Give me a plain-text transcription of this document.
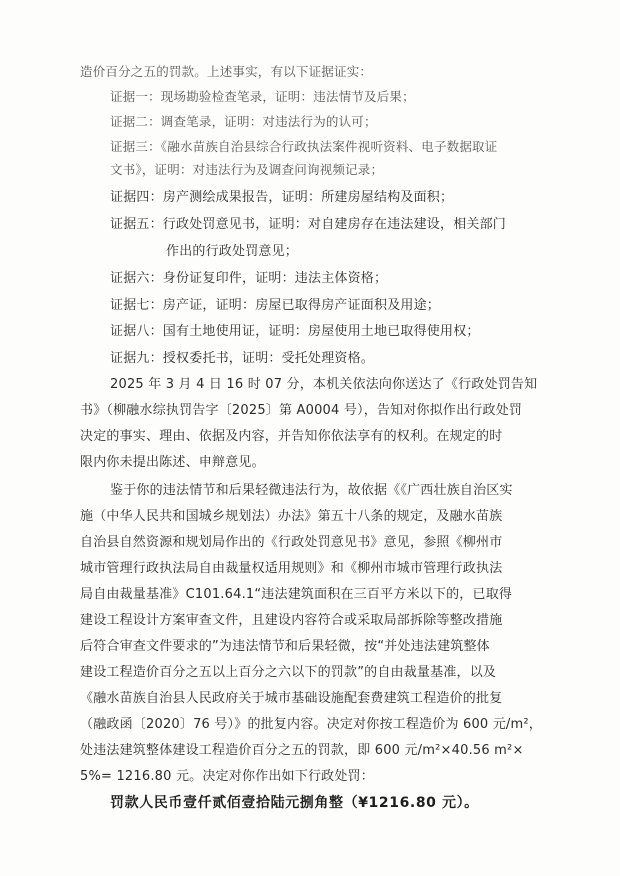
造价百分之五的罚款。上述事实，有以下证据证实：
证据一：现场勘验检查笔录，证明：违法情节及后果；
证据二：调查笔录，证明：对违法行为的认可；
证据三：《融水苗族自治县综合行政执法案件视听资料、电子数据取证
文书》，证明：对违法行为及调查问询视频记录；
证据四：房产测绘成果报告，证明：所建房屋结构及面积；
证据五：行政处罚意见书，证明：对自建房存在违法建设，相关部门
作出的行政处罚意见；
证据六：身份证复印件，证明：违法主体资格；
证据七：房产证，证明：房屋已取得房产证面积及用途；
证据八：国有土地使用证，证明：房屋使用土地已取得使用权；
证据九：授权委托书，证明：受托处理资格。
2025 年 3 月 4 日 16 时 07 分，本机关依法向你送达了《行政处罚告知
书》（柳融水综执罚告字〔2025〕第 A0004 号），告知对你拟作出行政处罚
决定的事实、理由、依据及内容，并告知你依法享有的权利。在规定的时
限内你未提出陈述、申辩意见。
鉴于你的违法情节和后果轻微违法行为，故依据《《广西壮族自治区实
施（中华人民共和国城乡规划法）办法》第五十八条的规定，及融水苗族
自治县自然资源和规划局作出的《行政处罚意见书》意见，参照《柳州市
城市管理行政执法局自由裁量权适用规则》和《柳州市城市管理行政执法
局自由裁量基准》C101.64.1“违法建筑面积在三百平方米以下的，已取得
建设工程设计方案审查文件，且建设内容符合或采取局部拆除等整改措施
后符合审查文件要求的”为违法情节和后果轻微，按“并处违法建筑整体
建设工程造价百分之五以上百分之六以下的罚款”的自由裁量基准，以及
《融水苗族自治县人民政府关于城市基础设施配套费建筑工程造价的批复
（融政函〔2020〕76 号）》的批复内容。决定对你按工程造价为 600 元/m²，
处违法建筑整体建设工程造价百分之五的罚款，即 600 元/m²×40.56 m²×
5%= 1216.80 元。决定对你作出如下行政处罚：
罚款人民币壹仟贰佰壹拾陆元捌角整（¥1216.80 元）。
